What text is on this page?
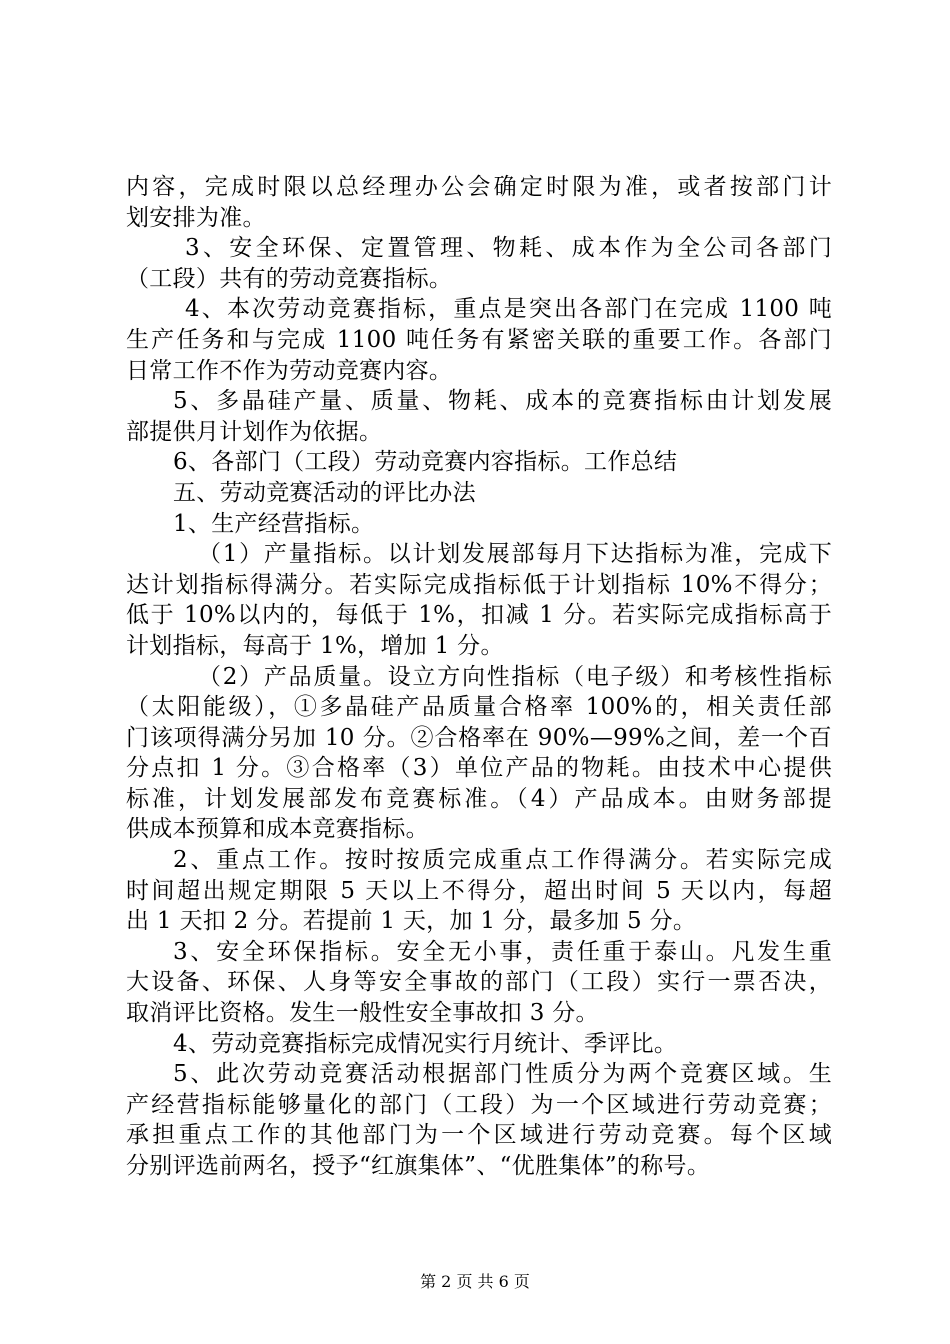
内容，完成时限以总经理办公会确定时限为准，或者按部门计
划安排为准。
3、安全环保、定置管理、物耗、成本作为全公司各部门
（工段）共有的劳动竞赛指标。
4、本次劳动竞赛指标，重点是突出各部门在完成 1100 吨
生产任务和与完成 1100 吨任务有紧密关联的重要工作。各部门
日常工作不作为劳动竞赛内容。
5、多晶硅产量、质量、物耗、成本的竞赛指标由计划发展
部提供月计划作为依据。
6、各部门（工段）劳动竞赛内容指标。工作总结
五、劳动竞赛活动的评比办法
1、生产经营指标。
（1）产量指标。以计划发展部每月下达指标为准，完成下
达计划指标得满分。若实际完成指标低于计划指标 10%不得分；
低于 10%以内的，每低于 1%，扣减 1 分。若实际完成指标高于
计划指标，每高于 1%，增加 1 分。
（2）产品质量。设立方向性指标（电子级）和考核性指标
（太阳能级），①多晶硅产品质量合格率 100%的，相关责任部
门该项得满分另加 10 分。②合格率在 90%—99%之间，差一个百
分点扣 1 分。③合格率（3）单位产品的物耗。由技术中心提供
标准，计划发展部发布竞赛标准。（4）产品成本。由财务部提
供成本预算和成本竞赛指标。
2、重点工作。按时按质完成重点工作得满分。若实际完成
时间超出规定期限 5 天以上不得分，超出时间 5 天以内，每超
出 1 天扣 2 分。若提前 1 天，加 1 分，最多加 5 分。
3、安全环保指标。安全无小事，责任重于泰山。凡发生重
大设备、环保、人身等安全事故的部门（工段）实行一票否决，
取消评比资格。发生一般性安全事故扣 3 分。
4、劳动竞赛指标完成情况实行月统计、季评比。
5、此次劳动竞赛活动根据部门性质分为两个竞赛区域。生
产经营指标能够量化的部门（工段）为一个区域进行劳动竞赛；
承担重点工作的其他部门为一个区域进行劳动竞赛。每个区域
分别评选前两名，授予“红旗集体”、“优胜集体”的称号。
第 2 页 共 6 页
